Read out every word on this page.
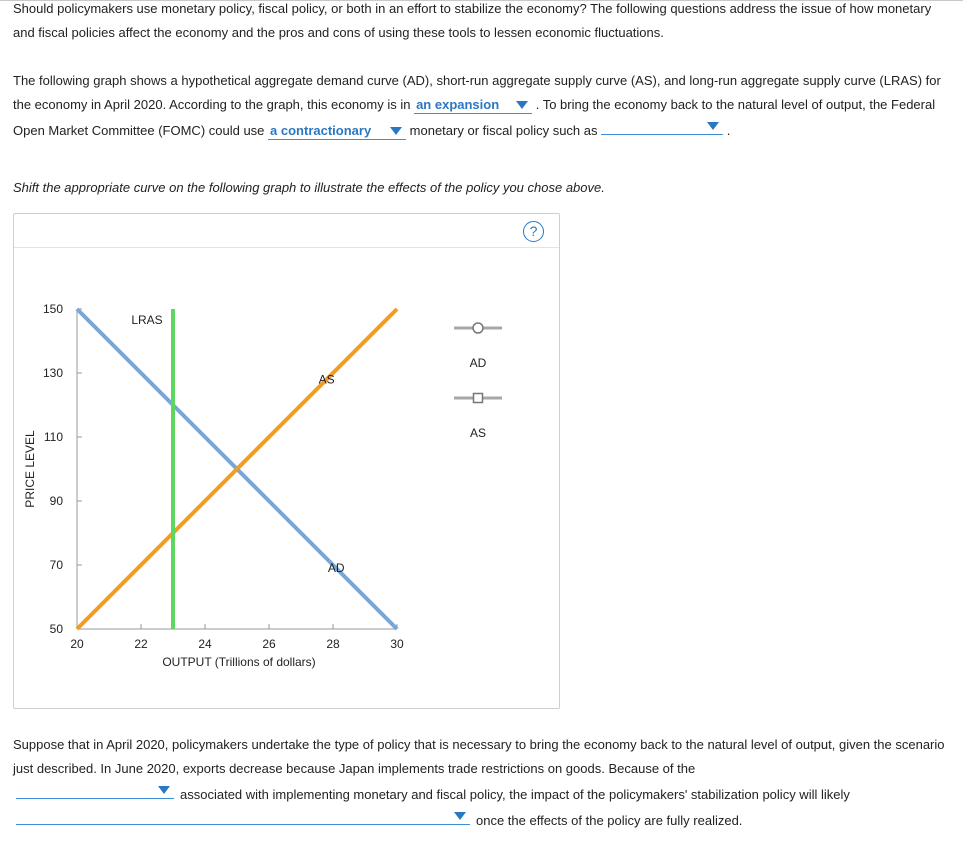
Should policymakers use monetary policy, fiscal policy, or both in an effort to stabilize the economy? The following questions address the issue of how monetary and fiscal policies affect the economy and the pros and cons of using these tools to lessen economic fluctuations.

The following graph shows a hypothetical aggregate demand curve (AD), short-run aggregate supply curve (AS), and long-run aggregate supply curve (LRAS) for the economy in April 2020. According to the graph, this economy is in an expansion	. To bring the economy back to the natural level of output, the Federal Open Market Committee (FOMC) could use a contractionary	monetary or fiscal policy such as	.

Shift the appropriate curve on the following graph to illustrate the effects of the policy you chose above.

?
150
130
110
90
70
50
20	22	24	26	28	30
OUTPUT (Trillions of dollars)
PRICE LEVEL
AD
AS
LRAS
AD
AS

Suppose that in April 2020, policymakers undertake the type of policy that is necessary to bring the economy back to the natural level of output, given the scenario just described. In June 2020, exports decrease because Japan implements trade restrictions on goods. Because of the

associated with implementing monetary and fiscal policy, the impact of the policymakers' stabilization policy will likely

once the effects of the policy are fully realized.
